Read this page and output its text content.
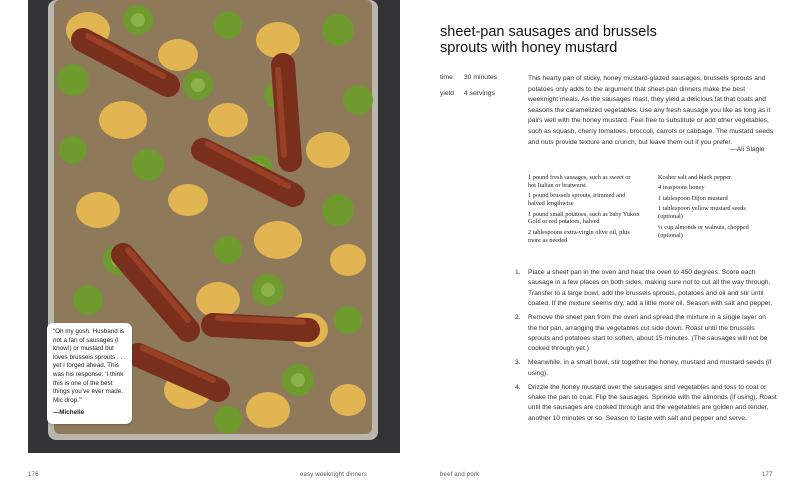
“Oh my gosh. Husband is not a fan of sausages (I know!) or mustard but loves brussels sprouts . . . yet I forged ahead. This was his response: ‘I think this is one of the best things you’ve ever made. Mic drop.’”
—Michelle
176	easy weeknight dinners
sheet-pan sausages and brussels sprouts with honey mustard
time 30 minutes
yield 4 servings
This hearty pan of sticky, honey mustard-glazed sausages, brussels sprouts and potatoes only adds to the argument that sheet-pan dinners make the best weeknight meals. As the sausages roast, they yield a delicious fat that coats and seasons the caramelized vegetables. Use any fresh sausage you like as long as it pairs well with the honey mustard. Feel free to substitute or add other vegetables, such as squash, cherry tomatoes, broccoli, carrots or cabbage. The mustard seeds and nuts provide texture and crunch, but leave them out if you prefer.
—Ali Slagle
1 pound fresh sausages, such as sweet or hot Italian or bratwurst
1 pound brussels sprouts, trimmed and halved lengthwise
1 pound small potatoes, such as baby Yukon Gold or red potatoes, halved
2 tablespoons extra-virgin olive oil, plus more as needed
Kosher salt and black pepper
4 teaspoons honey
1 tablespoon Dijon mustard
1 tablespoon yellow mustard seeds (optional)
¼ cup almonds or walnuts, chopped (optional)
1. Place a sheet pan in the oven and heat the oven to 450 degrees. Score each sausage in a few places on both sides, making sure not to cut all the way through. Transfer to a large bowl, add the brussels sprouts, potatoes and oil and stir until coated. If the mixture seems dry, add a little more oil. Season with salt and pepper.
2. Remove the sheet pan from the oven and spread the mixture in a single layer on the hot pan, arranging the vegetables cut side down. Roast until the brussels sprouts and potatoes start to soften, about 15 minutes. (The sausages will not be cooked through yet.)
3. Meanwhile, in a small bowl, stir together the honey, mustard and mustard seeds (if using).
4. Drizzle the honey mustard over the sausages and vegetables and toss to coat or shake the pan to coat. Flip the sausages. Sprinkle with the almonds (if using). Roast until the sausages are cooked through and the vegetables are golden and tender, another 10 minutes or so. Season to taste with salt and pepper and serve.
beef and pork	177
